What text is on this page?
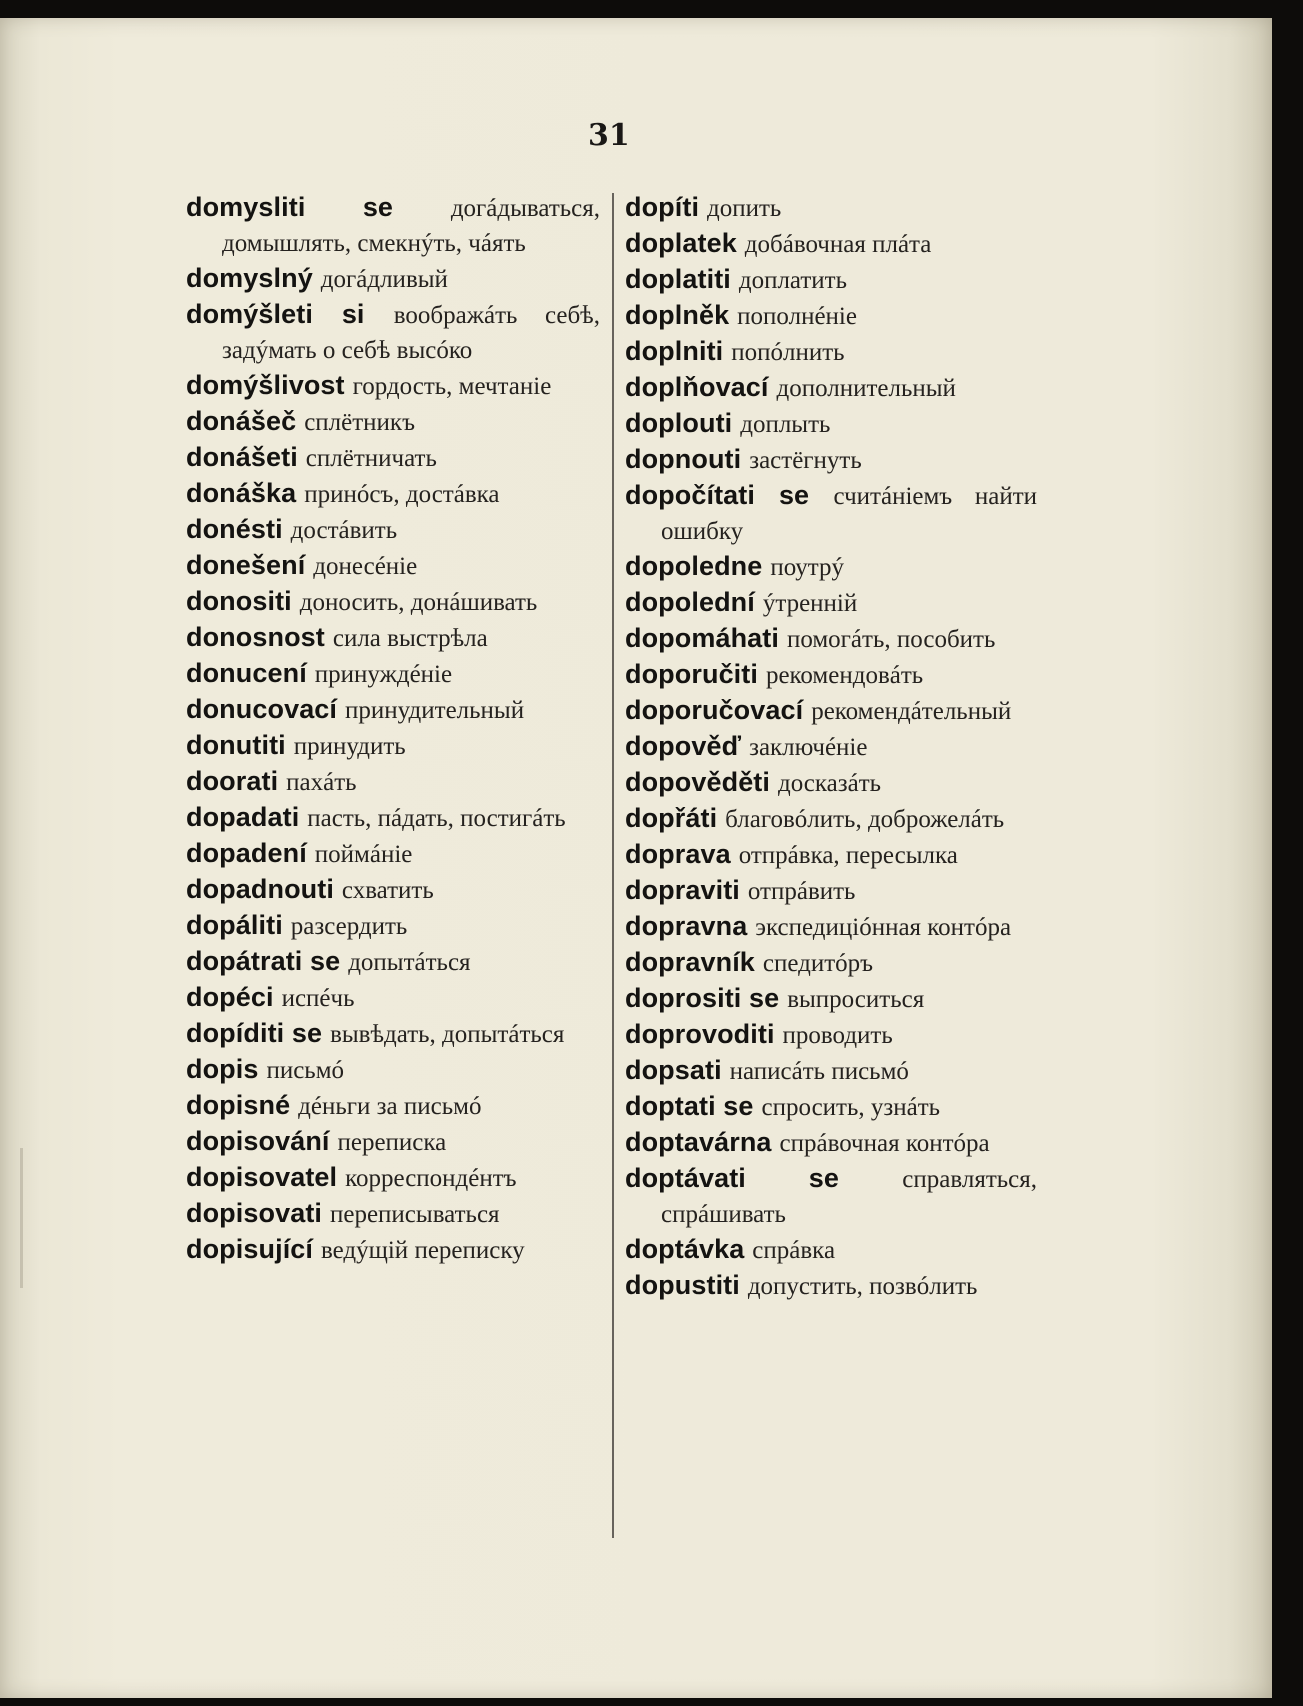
31

domysliti se догáдываться, домышлять, смекнýть, чáять

domyslný догáдливый

domýšleti si воображáть себѣ, задýмать о себѣ высóко

domýšlivost гордость, мечтаніе

donášeč сплётникъ

donášeti сплётничать

donáška принóсъ, достáвка

donésti достáвить

donešení донесéніе

donositi доносить, донáшивать

donosnost сила выстрѣла

donucení принуждéніе

donucovací принудительный

donutiti принудить

doorati пахáть

dopadati пасть, пáдать, постигáть

dopadení поймáніе

dopadnouti схватить

dopáliti разсердить

dopátrati se допытáться

dopéci испéчь

dopíditi se вывѣдать, допытáться

dopis письмó

dopisné дéньги за письмó

dopisování переписка

dopisovatel корреспондéнтъ

dopisovati переписываться

dopisující ведýщій переписку

dopíti допить

doplatek добáвочная плáта

doplatiti доплатить

doplněk пополнéніе

doplniti попóлнить

doplňovací дополнительный

doplouti доплыть

dopnouti застёгнуть

dopočítati se считáніемъ найти ошибку

dopoledne поутрý

dopolední ýтренній

dopomáhati помогáть, пособить

doporučiti рекомендовáть

doporučovací рекомендáтельный

dopověď заключéніе

dopověděti досказáть

dopřáti благовóлить, доброжелáть

doprava отпрáвка, пересылка

dopraviti отпрáвить

dopravna экспедиціóнная контóра

dopravník спедитóръ

doprositi se выпроситься

doprovoditi проводить

dopsati написáть письмó

doptati se спросить, узнáть

doptavárna спрáвочная контóра

doptávati se	справляться, спрáшивать

doptávka спрáвка

dopustiti допустить, позвóлить
